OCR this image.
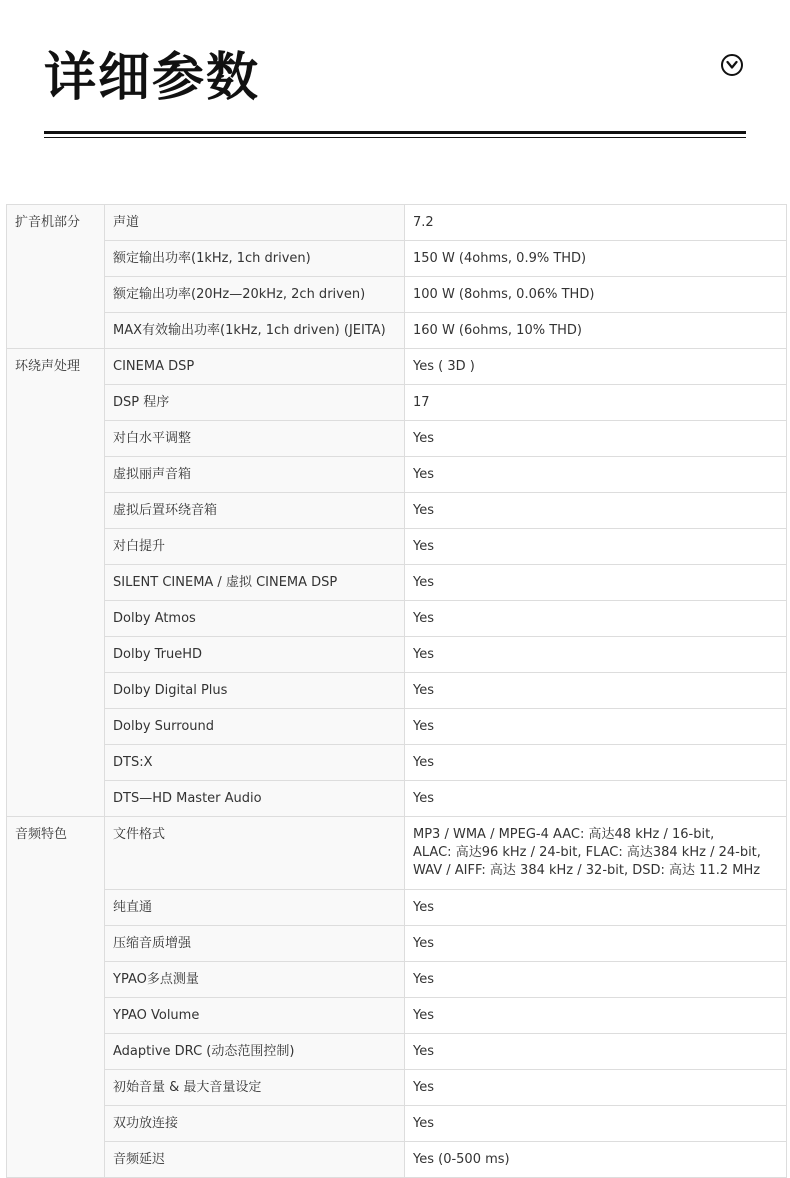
详细参数
扩音机部分	声道	7.2
	额定输出功率(1kHz, 1ch driven)	150 W (4ohms, 0.9% THD)
	额定输出功率(20Hz—20kHz, 2ch driven)	100 W (8ohms, 0.06% THD)
	MAX有效输出功率(1kHz, 1ch driven) (JEITA)	160 W (6ohms, 10% THD)
环绕声处理	CINEMA DSP	Yes ( 3D )
	DSP 程序	17
	对白水平调整	Yes
	虚拟丽声音箱	Yes
	虚拟后置环绕音箱	Yes
	对白提升	Yes
	SILENT CINEMA / 虚拟 CINEMA DSP	Yes
	Dolby Atmos	Yes
	Dolby TrueHD	Yes
	Dolby Digital Plus	Yes
	Dolby Surround	Yes
	DTS:X	Yes
	DTS—HD Master Audio	Yes
音频特色	文件格式	MP3 / WMA / MPEG-4 AAC: 高达48 kHz / 16-bit,
ALAC: 高达96 kHz / 24-bit, FLAC: 高达384 kHz / 24-bit,
WAV / AIFF: 高达 384 kHz / 32-bit, DSD: 高达 11.2 MHz

	纯直通	Yes
	压缩音质增强	Yes
	YPAO多点测量	Yes
	YPAO Volume	Yes
	Adaptive DRC (动态范围控制)	Yes
	初始音量 & 最大音量设定	Yes
	双功放连接	Yes
	音频延迟	Yes (0-500 ms)
